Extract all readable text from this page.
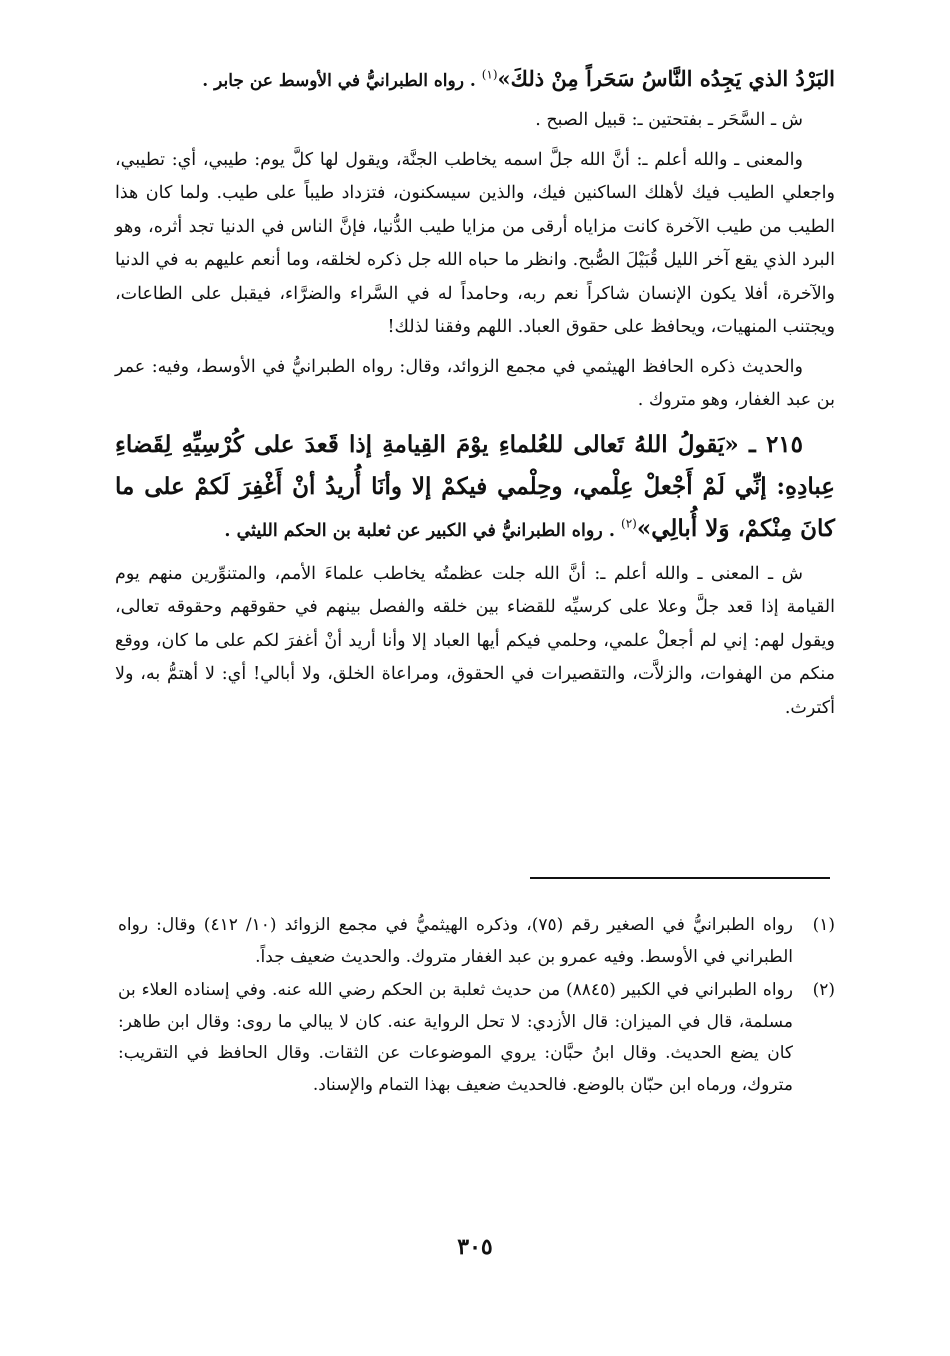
البَرْدُ الذي يَجِدُه النَّاسُ سَحَراً مِنْ ذلكَ»$^{(١)}$ . رواه الطبرانيُّ في الأوسط عن جابر .

ش ـ السَّحَر ـ بفتحتين ـ: قبيل الصبح .

والمعنى ـ والله أعلم ـ: أنَّ الله جلَّ اسمه يخاطب الجنَّة، ويقول لها كلَّ يوم: طيبي، أي: تطيبي، واجعلي الطيب فيك لأهلك الساكنين فيك، والذين سيسكنون، فتزداد طيباً على طيب. ولما كان هذا الطيب من طيب الآخرة كانت مزاياه أرقى من مزايا طيب الدُّنيا، فإنَّ الناس في الدنيا تجد أثره، وهو البرد الذي يقع آخر الليل قُبَيْلَ الصُّبح. وانظر ما حباه الله جل ذكره لخلقه، وما أنعم عليهم به في الدنيا والآخرة، أفلا يكون الإنسان شاكراً نعم ربه، وحامداً له في السَّراء والضرَّاء، فيقبل على الطاعات، ويجتنب المنهيات، ويحافظ على حقوق العباد. اللهم وفقنا لذلك!

والحديث ذكره الحافظ الهيثمي في مجمع الزوائد، وقال: رواه الطبرانيُّ في الأوسط، وفيه: عمر بن عبد الغفار، وهو متروك .

٢١٥ ـ «يَقولُ اللهُ تَعالى للعُلماءِ يوْمَ القِيامةِ إذا قَعدَ على كُرْسِيِّهِ لِقَضاءِ عِبادِهِ: إنِّي لَمْ أَجْعلْ عِلْمي، وحِلْمي فيكمْ إلا وأنَا أُريدُ أنْ أَغْفِرَ لَكمْ على ما كانَ مِنْكمْ، وَلا أُبالِي»$^{(٢)}$ . رواه الطبرانيُّ في الكبير عن ثعلبة بن الحكم الليثي .

ش ـ المعنى ـ والله أعلم ـ: أنَّ الله جلت عظمتُه يخاطب علماءَ الأمم، والمتنوِّرين منهم يوم القيامة إذا قعد جلَّ وعلا على كرسيِّه للقضاء بين خلقه والفصل بينهم في حقوقهم وحقوقه تعالى، ويقول لهم: إني لم أجعلْ علمي، وحلمي فيكم أيها العباد إلا وأنا أريد أنْ أغفرَ لكم على ما كان، ووقع منكم من الهفوات، والزلاَّت، والتقصيرات في الحقوق، ومراعاة الخلق، ولا أبالي! أي: لا أهتمُّ به، ولا أكترث.

(١)
رواه الطبرانيُّ في الصغير رقم (٧٥)، وذكره الهيثميُّ في مجمع الزوائد (١٠/ ٤١٢) وقال: رواه الطبراني في الأوسط. وفيه عمرو بن عبد الغفار متروك. والحديث ضعيف جداً.
(٢)
رواه الطبراني في الكبير (٨٨٤٥) من حديث ثعلبة بن الحكم رضي الله عنه. وفي إسناده العلاء بن مسلمة، قال في الميزان: قال الأزدي: لا تحل الرواية عنه. كان لا يبالي ما روى: وقال ابن طاهر: كان يضع الحديث. وقال ابنُ حبَّان: يروي الموضوعات عن الثقات. وقال الحافظ في التقريب: متروك، ورماه ابن حبّان بالوضع. فالحديث ضعيف بهذا التمام والإسناد.
٣٠٥
